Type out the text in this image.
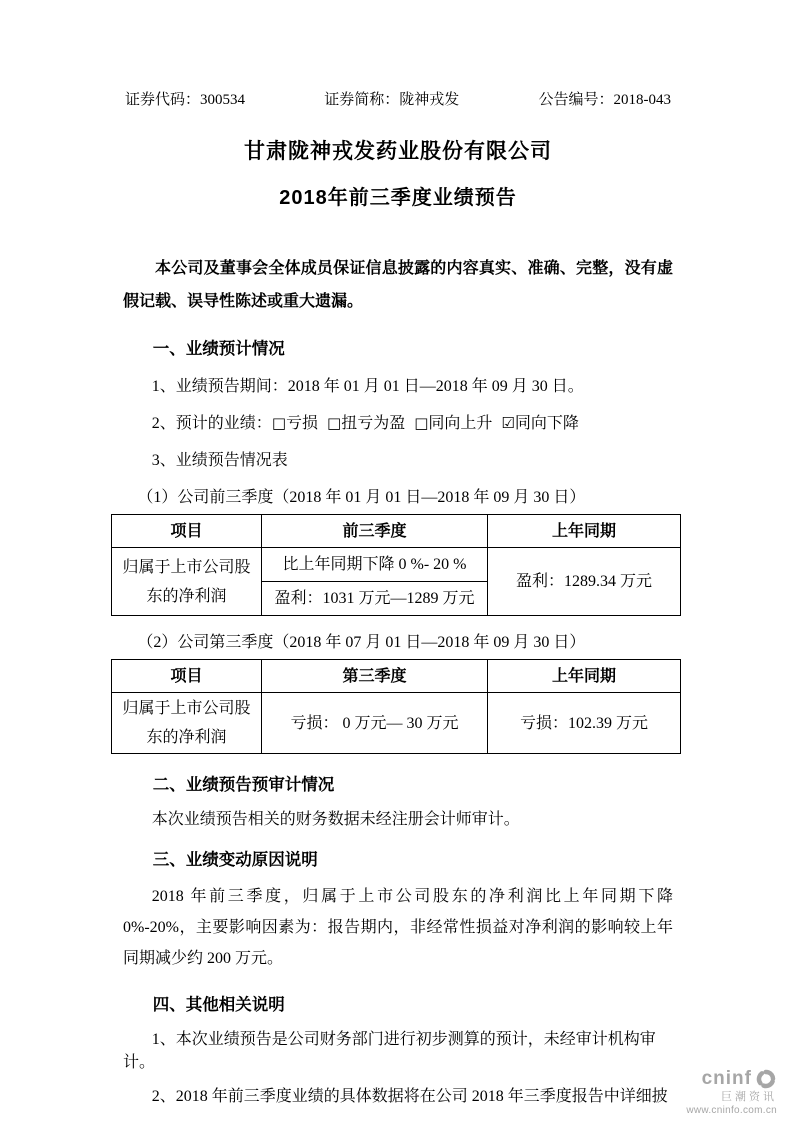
证券代码：300534	证券简称：陇神戎发	公告编号：2018-043
甘肃陇神戎发药业股份有限公司
2018年前三季度业绩预告

本公司及董事会全体成员保证信息披露的内容真实、准确、完整，没有虚假记载、误导性陈述或重大遗漏。

一、业绩预计情况

1、业绩预告期间：2018 年 01 月 01 日—2018 年 09 月 30 日。

2、预计的业绩：□亏损 □扭亏为盈 □同向上升 ☑同向下降

3、业绩预告情况表

（1）公司前三季度（2018 年 01 月 01 日—2018 年 09 月 30 日）

项目	前三季度	上年同期
归属于上市公司股东的净利润	比上年同期下降 0 %- 20 %	盈利：1289.34 万元
	盈利：1031 万元—1289 万元	

（2）公司第三季度（2018 年 07 月 01 日—2018 年 09 月 30 日）

项目	第三季度	上年同期
归属于上市公司股东的净利润	亏损： 0 万元— 30 万元	亏损：102.39 万元
二、业绩预告预审计情况

本次业绩预告相关的财务数据未经注册会计师审计。

三、业绩变动原因说明

2018 年前三季度，归属于上市公司股东的净利润比上年同期下降 0%-20%，主要影响因素为：报告期内，非经常性损益对净利润的影响较上年同期减少约 200 万元。

四、其他相关说明

1、本次业绩预告是公司财务部门进行初步测算的预计，未经审计机构审计。

2、2018 年前三季度业绩的具体数据将在公司 2018 年三季度报告中详细披

cninf
巨潮资讯
www.cninfo.com.cn
